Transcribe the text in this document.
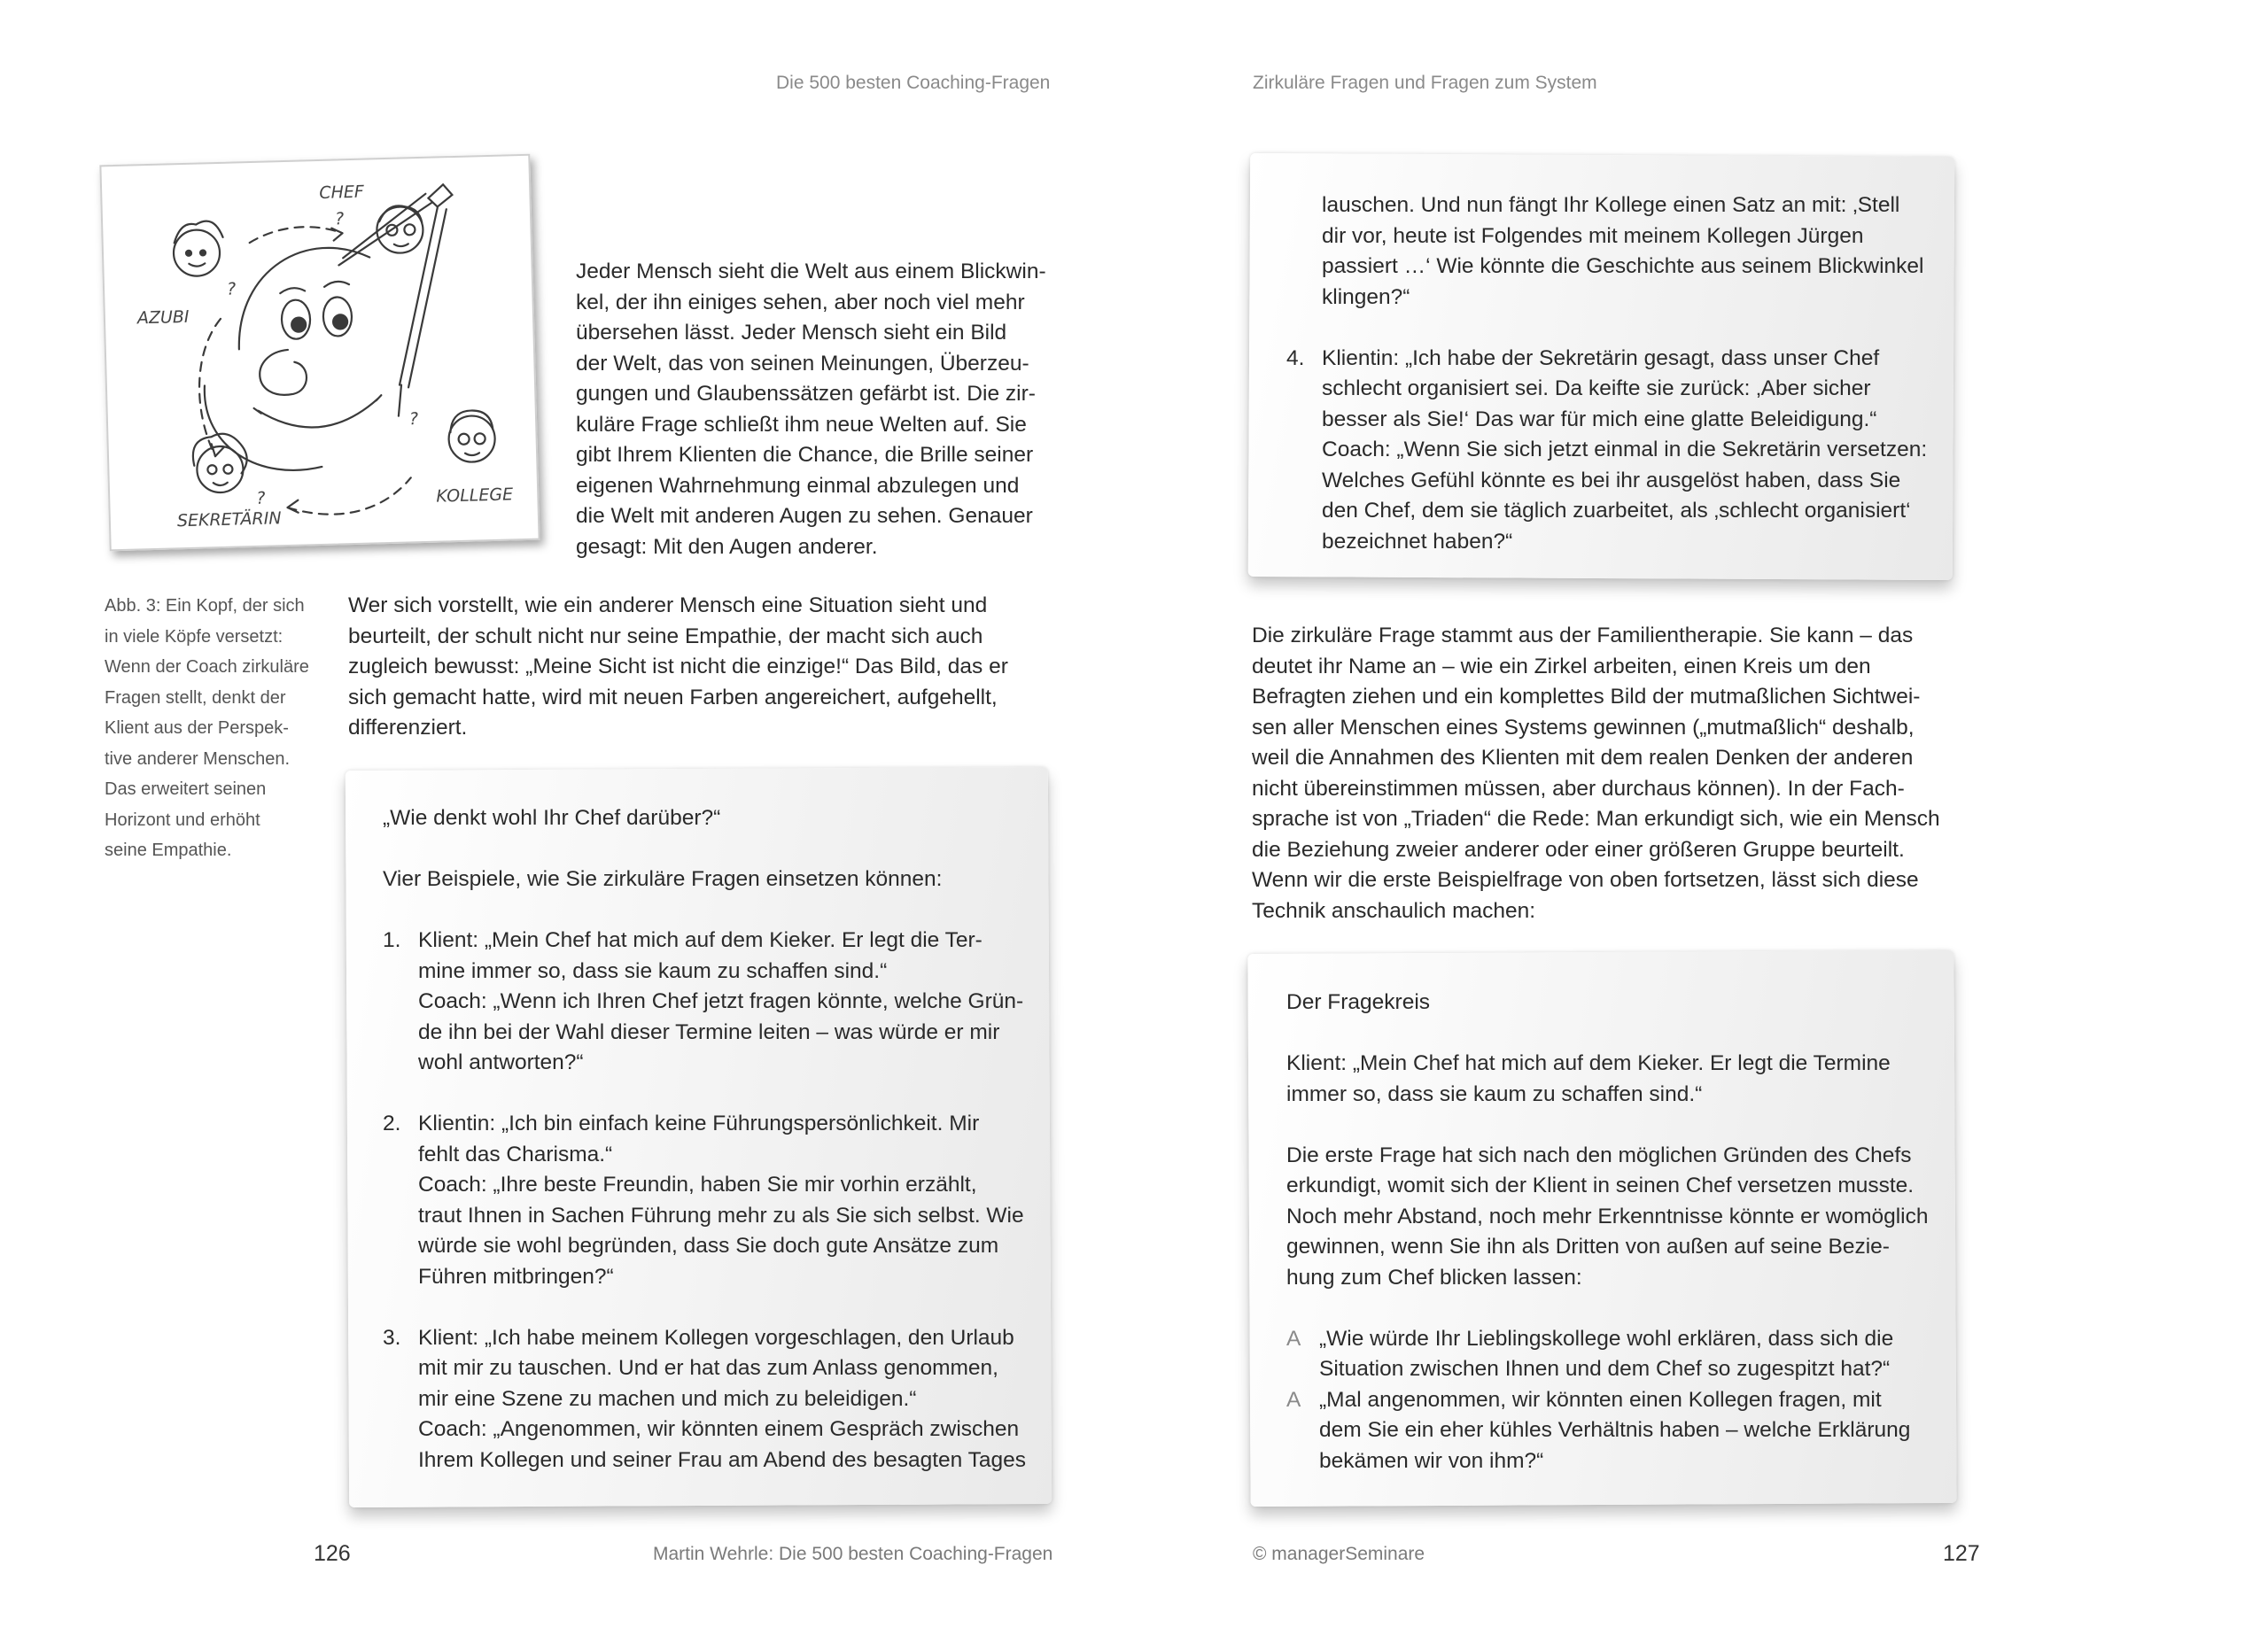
Die 500 besten Coaching-Fragen	Zirkuläre Fragen und Fragen zum System
?
?
?
?
CHEF
AZUBI
SEKRETÄRIN
KOLLEGE
Jeder Mensch sieht die Welt aus einem Blickwin-
kel, der ihn einiges sehen, aber noch viel mehr
übersehen lässt. Jeder Mensch sieht ein Bild
der Welt, das von seinen Meinungen, Überzeu-
gungen und Glaubenssätzen gefärbt ist. Die zir-
kuläre Frage schließt ihm neue Welten auf. Sie
gibt Ihrem Klienten die Chance, die Brille seiner
eigenen Wahrnehmung einmal abzulegen und
die Welt mit anderen Augen zu sehen. Genauer
gesagt: Mit den Augen anderer.
Abb. 3: Ein Kopf, der sich
in viele Köpfe versetzt:
Wenn der Coach zirkuläre
Fragen stellt, denkt der
Klient aus der Perspek-
tive anderer Menschen.
Das erweitert seinen
Horizont und erhöht
seine Empathie.
Wer sich vorstellt, wie ein anderer Mensch eine Situation sieht und
beurteilt, der schult nicht nur seine Empathie, der macht sich auch
zugleich bewusst: „Meine Sicht ist nicht die einzige!“ Das Bild, das er
sich gemacht hatte, wird mit neuen Farben angereichert, aufgehellt,
differenziert.

„Wie denkt wohl Ihr Chef darüber?“

Vier Beispiele, wie Sie zirkuläre Fragen einsetzen können:

1. Klient: „Mein Chef hat mich auf dem Kieker. Er legt die Ter-
mine immer so, dass sie kaum zu schaffen sind.“
Coach: „Wenn ich Ihren Chef jetzt fragen könnte, welche Grün-
de ihn bei der Wahl dieser Termine leiten – was würde er mir
wohl antworten?“
2. Klientin: „Ich bin einfach keine Führungspersönlichkeit. Mir
fehlt das Charisma.“
Coach: „Ihre beste Freundin, haben Sie mir vorhin erzählt,
traut Ihnen in Sachen Führung mehr zu als Sie sich selbst. Wie
würde sie wohl begründen, dass Sie doch gute Ansätze zum
Führen mitbringen?“
3. Klient: „Ich habe meinem Kollegen vorgeschlagen, den Urlaub
mit mir zu tauschen. Und er hat das zum Anlass genommen,
mir eine Szene zu machen und mich zu beleidigen.“
Coach: „Angenommen, wir könnten einem Gespräch zwischen
Ihrem Kollegen und seiner Frau am Abend des besagten Tages
126	Martin Wehrle: Die 500 besten Coaching-Fragen
lauschen. Und nun fängt Ihr Kollege einen Satz an mit: ‚Stell
dir vor, heute ist Folgendes mit meinem Kollegen Jürgen
passiert …‘ Wie könnte die Geschichte aus seinem Blickwinkel
klingen?“
4. Klientin: „Ich habe der Sekretärin gesagt, dass unser Chef
schlecht organisiert sei. Da keifte sie zurück: ‚Aber sicher
besser als Sie!‘ Das war für mich eine glatte Beleidigung.“
Coach: „Wenn Sie sich jetzt einmal in die Sekretärin versetzen:
Welches Gefühl könnte es bei ihr ausgelöst haben, dass Sie
den Chef, dem sie täglich zuarbeitet, als ‚schlecht organisiert‘
bezeichnet haben?“
Die zirkuläre Frage stammt aus der Familientherapie. Sie kann – das
deutet ihr Name an – wie ein Zirkel arbeiten, einen Kreis um den
Befragten ziehen und ein komplettes Bild der mutmaßlichen Sichtwei-
sen aller Menschen eines Systems gewinnen („mutmaßlich“ deshalb,
weil die Annahmen des Klienten mit dem realen Denken der anderen
nicht übereinstimmen müssen, aber durchaus können). In der Fach-
sprache ist von „Triaden“ die Rede: Man erkundigt sich, wie ein Mensch
die Beziehung zweier anderer oder einer größeren Gruppe beurteilt.
Wenn wir die erste Beispielfrage von oben fortsetzen, lässt sich diese
Technik anschaulich machen:

Der Fragekreis

Klient: „Mein Chef hat mich auf dem Kieker. Er legt die Termine
immer so, dass sie kaum zu schaffen sind.“
Die erste Frage hat sich nach den möglichen Gründen des Chefs
erkundigt, womit sich der Klient in seinen Chef versetzen musste.
Noch mehr Abstand, noch mehr Erkenntnisse könnte er womöglich
gewinnen, wenn Sie ihn als Dritten von außen auf seine Bezie-
hung zum Chef blicken lassen:
A „Wie würde Ihr Lieblingskollege wohl erklären, dass sich die
Situation zwischen Ihnen und dem Chef so zugespitzt hat?“
A „Mal angenommen, wir könnten einen Kollegen fragen, mit
dem Sie ein eher kühles Verhältnis haben – welche Erklärung
bekämen wir von ihm?“
© managerSeminare	127
